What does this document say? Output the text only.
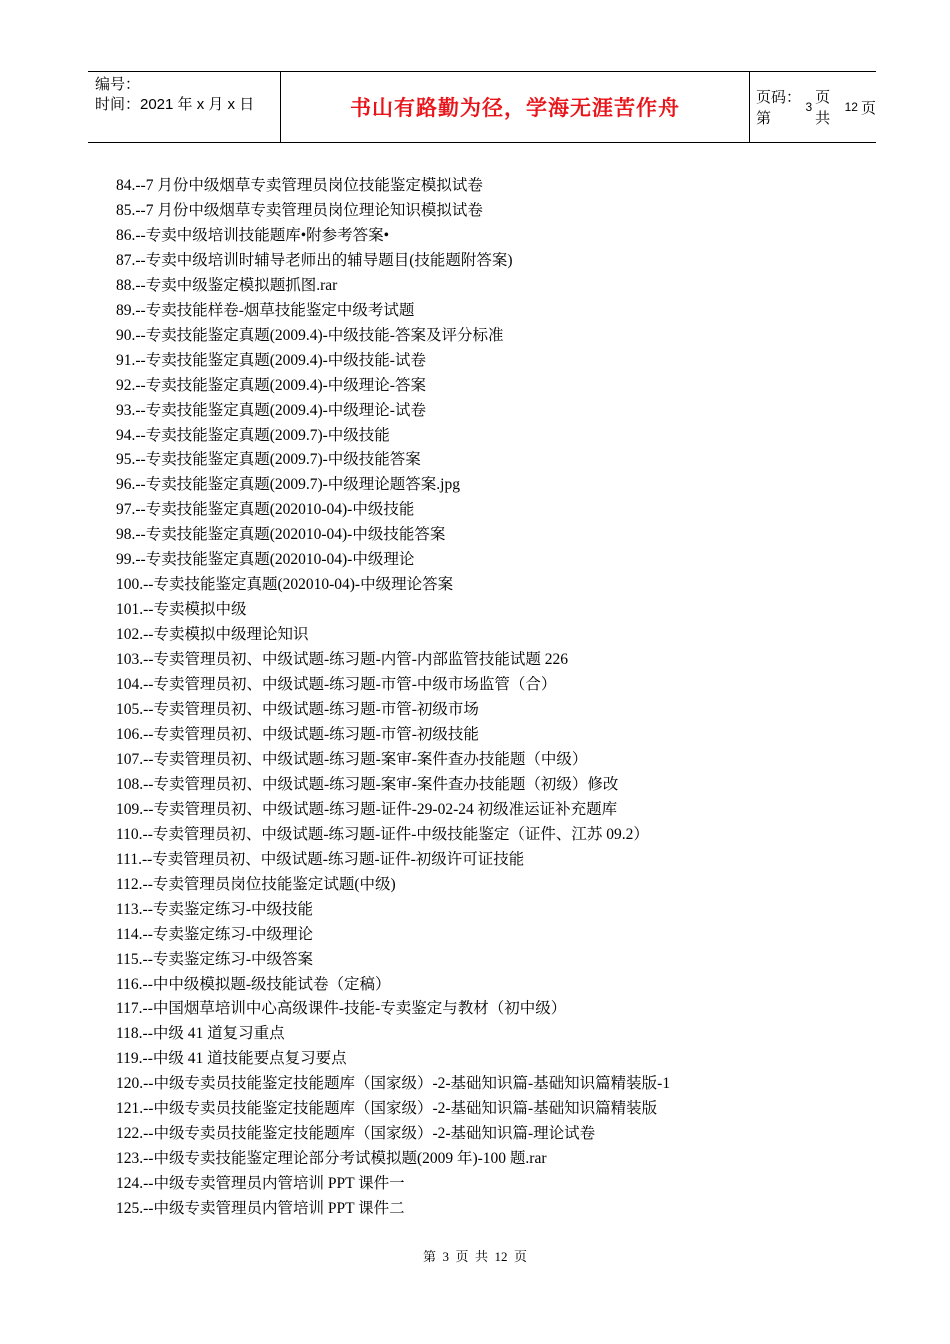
编号：
时间：2021 年 x 月 x 日	书山有路勤为径，学海无涯苦作舟	页码：第
3
页 共
12 页
84.--7 月份中级烟草专卖管理员岗位技能鉴定模拟试卷
85.--7 月份中级烟草专卖管理员岗位理论知识模拟试卷
86.--专卖中级培训技能题库•附参考答案•
87.--专卖中级培训时辅导老师出的辅导题目(技能题附答案)
88.--专卖中级鉴定模拟题抓图.rar
89.--专卖技能样卷-烟草技能鉴定中级考试题
90.--专卖技能鉴定真题(2009.4)-中级技能-答案及评分标准
91.--专卖技能鉴定真题(2009.4)-中级技能-试卷
92.--专卖技能鉴定真题(2009.4)-中级理论-答案
93.--专卖技能鉴定真题(2009.4)-中级理论-试卷
94.--专卖技能鉴定真题(2009.7)-中级技能
95.--专卖技能鉴定真题(2009.7)-中级技能答案
96.--专卖技能鉴定真题(2009.7)-中级理论题答案.jpg
97.--专卖技能鉴定真题(202010-04)-中级技能
98.--专卖技能鉴定真题(202010-04)-中级技能答案
99.--专卖技能鉴定真题(202010-04)-中级理论
100.--专卖技能鉴定真题(202010-04)-中级理论答案
101.--专卖模拟中级
102.--专卖模拟中级理论知识
103.--专卖管理员初、中级试题-练习题-内管-内部监管技能试题 226
104.--专卖管理员初、中级试题-练习题-市管-中级市场监管（合）
105.--专卖管理员初、中级试题-练习题-市管-初级市场
106.--专卖管理员初、中级试题-练习题-市管-初级技能
107.--专卖管理员初、中级试题-练习题-案审-案件查办技能题（中级）
108.--专卖管理员初、中级试题-练习题-案审-案件查办技能题（初级）修改
109.--专卖管理员初、中级试题-练习题-证件-29-02-24 初级准运证补充题库
110.--专卖管理员初、中级试题-练习题-证件-中级技能鉴定（证件、江苏 09.2）
111.--专卖管理员初、中级试题-练习题-证件-初级许可证技能
112.--专卖管理员岗位技能鉴定试题(中级)
113.--专卖鉴定练习-中级技能
114.--专卖鉴定练习-中级理论
115.--专卖鉴定练习-中级答案
116.--中中级模拟题-级技能试卷（定稿）
117.--中国烟草培训中心高级课件-技能-专卖鉴定与教材（初中级）
118.--中级 41 道复习重点
119.--中级 41 道技能要点复习要点
120.--中级专卖员技能鉴定技能题库（国家级）-2-基础知识篇-基础知识篇精装版-1
121.--中级专卖员技能鉴定技能题库（国家级）-2-基础知识篇-基础知识篇精装版
122.--中级专卖员技能鉴定技能题库（国家级）-2-基础知识篇-理论试卷
123.--中级专卖技能鉴定理论部分考试模拟题(2009 年)-100 题.rar
124.--中级专卖管理员内管培训 PPT 课件一
125.--中级专卖管理员内管培训 PPT 课件二
第  3  页  共  12  页
